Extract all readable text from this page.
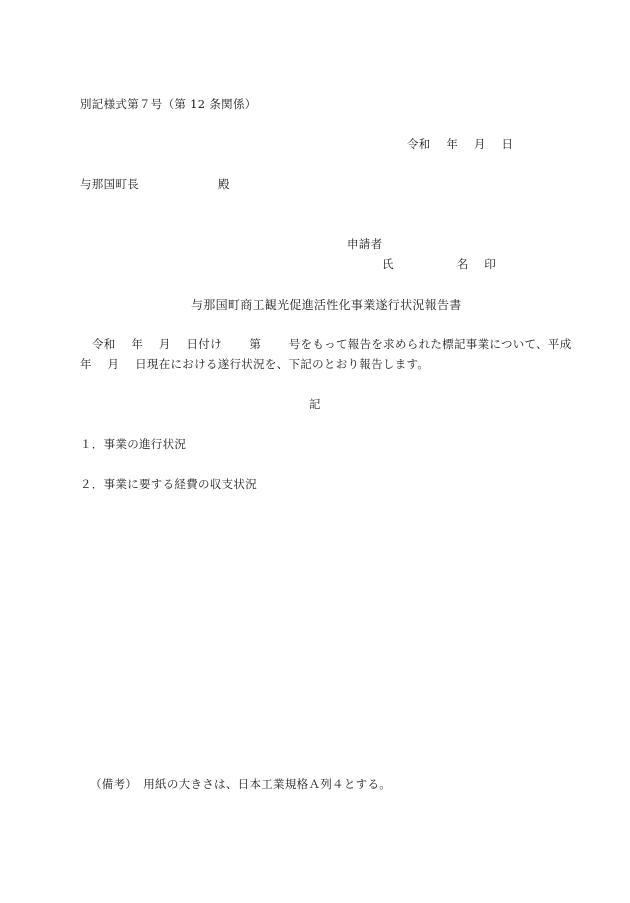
別記様式第７号（第 12 条関係）
令和　 年　 月　 日
与那国町長	殿
申請者
氏　　　　　 名　 印
与那国町商工観光促進活性化事業遂行状況報告書
令和　 年　 月　 日付け　　 第　　 号をもって報告を求められた標記事業について、平成
年　 月　 日現在における遂行状況を、下記のとおり報告します。
記
１．事業の進行状況
２．事業に要する経費の収支状況
（備考）　用紙の大きさは、日本工業規格Ａ列４とする。
